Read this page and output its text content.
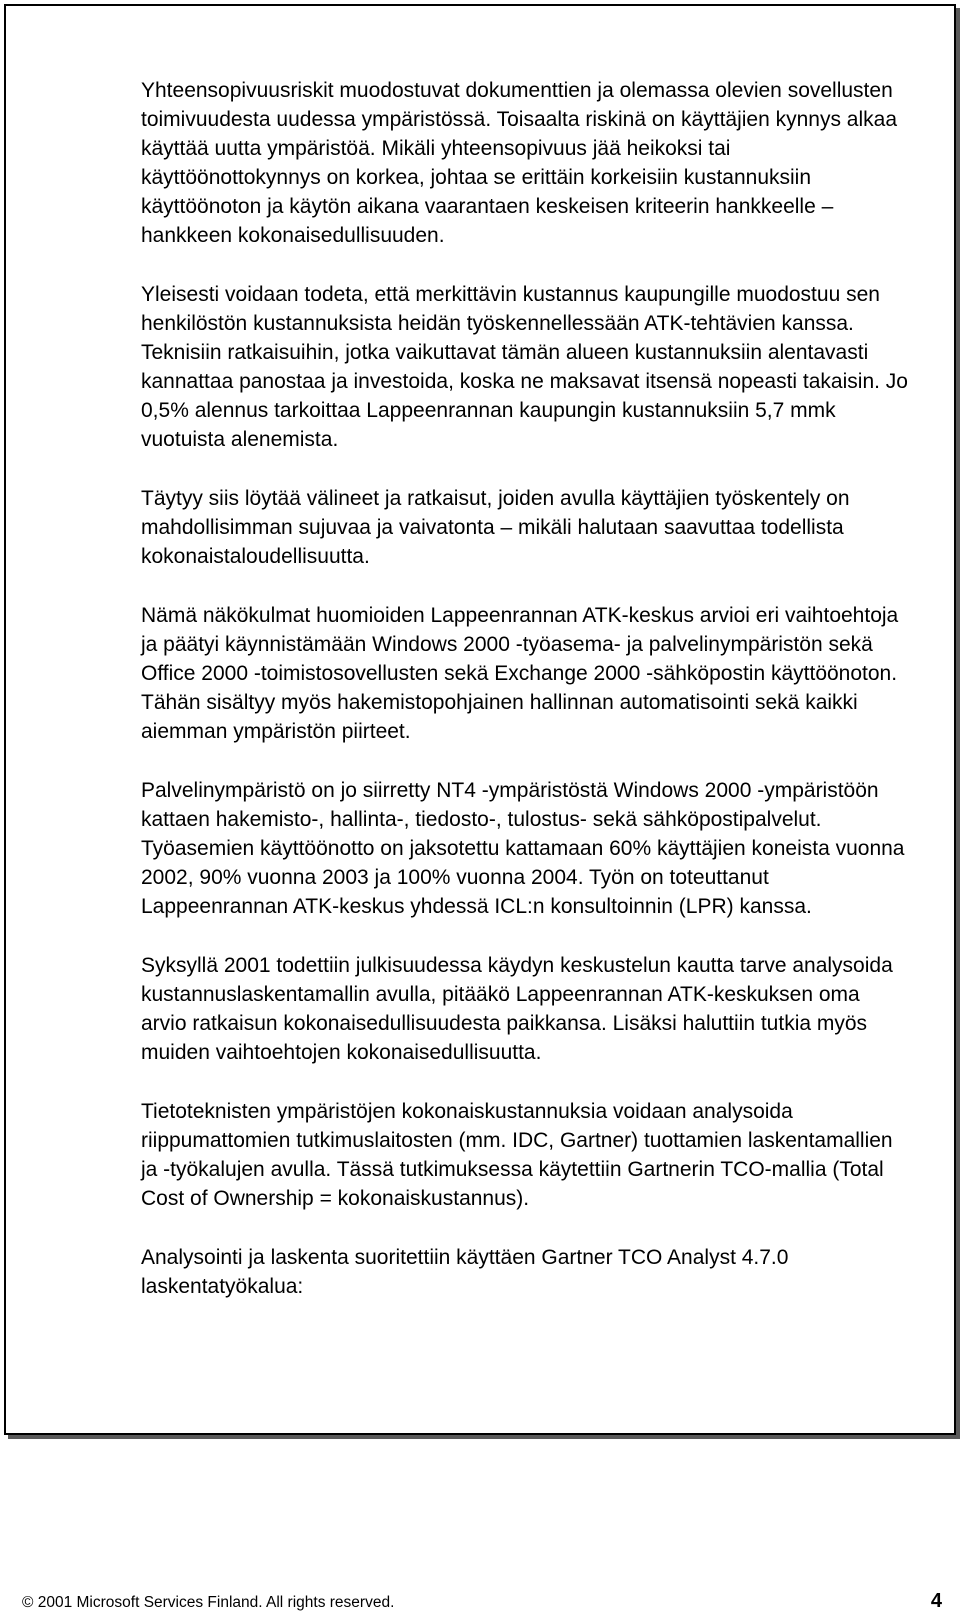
Yhteensopivuusriskit muodostuvat dokumenttien ja olemassa olevien sovellusten toimivuudesta uudessa ympäristössä. Toisaalta riskinä on käyttäjien kynnys alkaa käyttää uutta ympäristöä. Mikäli yhteensopivuus jää heikoksi tai käyttöönottokynnys on korkea, johtaa se erittäin korkeisiin kustannuksiin käyttöönoton ja käytön aikana vaarantaen keskeisen kriteerin hankkeelle – hankkeen kokonaisedullisuuden.

Yleisesti voidaan todeta, että merkittävin kustannus kaupungille muodostuu sen henkilöstön kustannuksista heidän työskennellessään ATK-tehtävien kanssa. Teknisiin ratkaisuihin, jotka vaikuttavat tämän alueen kustannuksiin alentavasti kannattaa panostaa ja investoida, koska ne maksavat itsensä nopeasti takaisin. Jo 0,5% alennus tarkoittaa Lappeenrannan kaupungin kustannuksiin 5,7 mmk vuotuista alenemista.

Täytyy siis löytää välineet ja ratkaisut, joiden avulla käyttäjien työskentely on mahdollisimman sujuvaa ja vaivatonta – mikäli halutaan saavuttaa todellista kokonaistaloudellisuutta.

Nämä näkökulmat huomioiden Lappeenrannan ATK-keskus arvioi eri vaihtoehtoja ja päätyi käynnistämään Windows 2000 -työasema- ja palvelinympäristön sekä Office 2000 -toimistosovellusten sekä Exchange 2000 -sähköpostin käyttöönoton. Tähän sisältyy myös hakemistopohjainen hallinnan automatisointi sekä kaikki aiemman ympäristön piirteet.

Palvelinympäristö on jo siirretty NT4 -ympäristöstä Windows 2000 -ympäristöön kattaen hakemisto-, hallinta-, tiedosto-, tulostus- sekä sähköpostipalvelut. Työasemien käyttöönotto on jaksotettu kattamaan 60% käyttäjien koneista vuonna 2002, 90% vuonna 2003 ja 100% vuonna 2004. Työn on toteuttanut Lappeenrannan ATK-keskus yhdessä ICL:n konsultoinnin (LPR) kanssa.

Syksyllä 2001 todettiin julkisuudessa käydyn keskustelun kautta tarve analysoida kustannuslaskentamallin avulla, pitääkö Lappeenrannan ATK-keskuksen oma arvio ratkaisun kokonaisedullisuudesta paikkansa. Lisäksi haluttiin tutkia myös muiden vaihtoehtojen kokonaisedullisuutta.

Tietoteknisten ympäristöjen kokonaiskustannuksia voidaan analysoida riippumattomien tutkimuslaitosten (mm. IDC, Gartner) tuottamien laskentamallien ja -työkalujen avulla. Tässä tutkimuksessa käytettiin Gartnerin TCO-mallia (Total Cost of Ownership = kokonaiskustannus).

Analysointi ja laskenta suoritettiin käyttäen Gartner TCO Analyst 4.7.0 laskentatyökalua:

© 2001 Microsoft Services Finland. All rights reserved.	4
